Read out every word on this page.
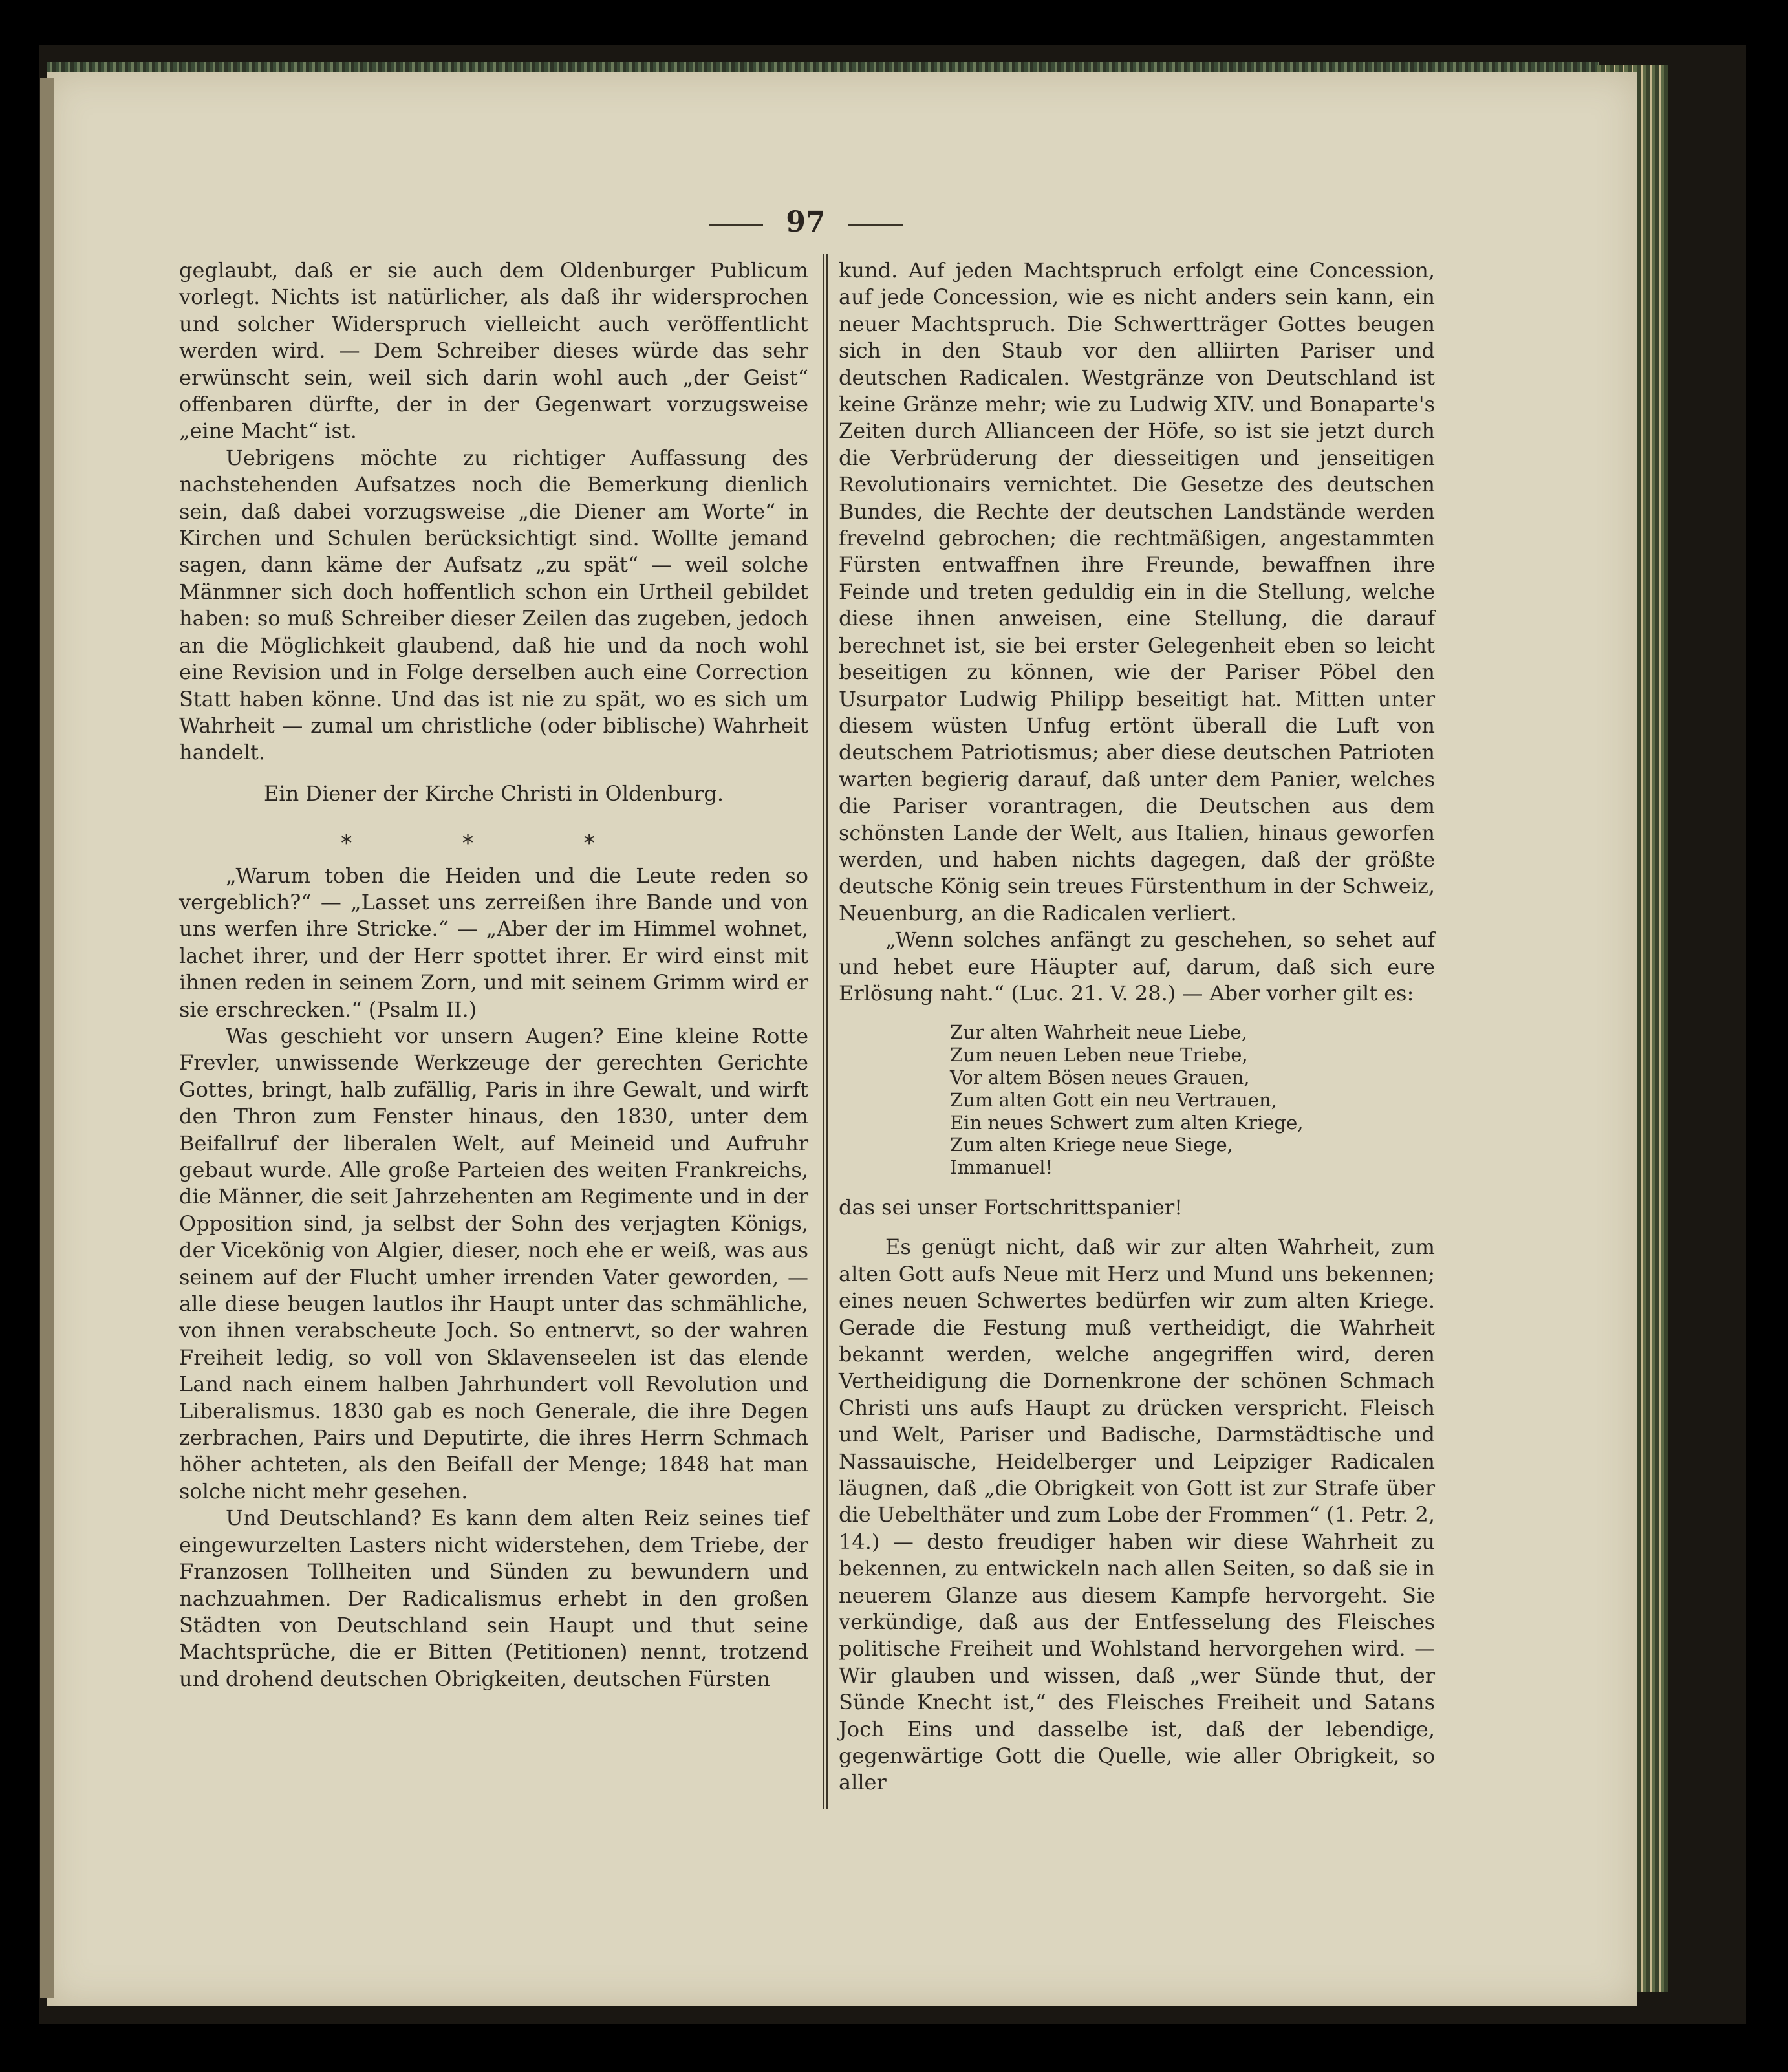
97

geglaubt, daß er sie auch dem Oldenburger Publicum vorlegt. Nichts ist natürlicher, als daß ihr widersprochen und solcher Widerspruch vielleicht auch veröffentlicht werden wird. — Dem Schreiber dieses würde das sehr erwünscht sein, weil sich darin wohl auch „der Geist“ offenbaren dürfte, der in der Gegenwart vorzugsweise „eine Macht“ ist.

Uebrigens möchte zu richtiger Auffassung des nachstehenden Aufsatzes noch die Bemerkung dienlich sein, daß dabei vorzugsweise „die Diener am Worte“ in Kirchen und Schulen berücksichtigt sind. Wollte jemand sagen, dann käme der Aufsatz „zu spät“ — weil solche Mänmner sich doch hoffentlich schon ein Urtheil gebildet haben: so muß Schreiber dieser Zeilen das zugeben, jedoch an die Möglichkeit glaubend, daß hie und da noch wohl eine Revision und in Folge derselben auch eine Correction Statt haben könne. Und das ist nie zu spät, wo es sich um Wahrheit — zumal um christliche (oder biblische) Wahrheit handelt.

Ein Diener der Kirche Christi in Oldenburg.

* * *

„Warum toben die Heiden und die Leute reden so vergeblich?“ — „Lasset uns zerreißen ihre Bande und von uns werfen ihre Stricke.“ — „Aber der im Himmel wohnet, lachet ihrer, und der Herr spottet ihrer. Er wird einst mit ihnen reden in seinem Zorn, und mit seinem Grimm wird er sie erschrecken.“ (Psalm II.)

Was geschieht vor unsern Augen? Eine kleine Rotte Frevler, unwissende Werkzeuge der gerechten Gerichte Gottes, bringt, halb zufällig, Paris in ihre Gewalt, und wirft den Thron zum Fenster hinaus, den 1830, unter dem Beifallruf der liberalen Welt, auf Meineid und Aufruhr gebaut wurde. Alle große Parteien des weiten Frankreichs, die Männer, die seit Jahrzehenten am Regimente und in der Opposition sind, ja selbst der Sohn des verjagten Königs, der Vicekönig von Algier, dieser, noch ehe er weiß, was aus seinem auf der Flucht umher irrenden Vater geworden, — alle diese beugen lautlos ihr Haupt unter das schmähliche, von ihnen verabscheute Joch. So entnervt, so der wahren Freiheit ledig, so voll von Sklavenseelen ist das elende Land nach einem halben Jahrhundert voll Revolution und Liberalismus. 1830 gab es noch Generale, die ihre Degen zerbrachen, Pairs und Deputirte, die ihres Herrn Schmach höher achteten, als den Beifall der Menge; 1848 hat man solche nicht mehr gesehen.

Und Deutschland? Es kann dem alten Reiz seines tief eingewurzelten Lasters nicht widerstehen, dem Triebe, der Franzosen Tollheiten und Sünden zu bewundern und nachzuahmen. Der Radicalismus erhebt in den großen Städten von Deutschland sein Haupt und thut seine Machtsprüche, die er Bitten (Petitionen) nennt, trotzend und drohend deutschen Obrigkeiten, deutschen Fürsten

kund. Auf jeden Machtspruch erfolgt eine Concession, auf jede Concession, wie es nicht anders sein kann, ein neuer Machtspruch. Die Schwertträger Gottes beugen sich in den Staub vor den alliirten Pariser und deutschen Radicalen. Westgränze von Deutschland ist keine Gränze mehr; wie zu Ludwig XIV. und Bonaparte's Zeiten durch Allianceen der Höfe, so ist sie jetzt durch die Verbrüderung der diesseitigen und jenseitigen Revolutionairs vernichtet. Die Gesetze des deutschen Bundes, die Rechte der deutschen Landstände werden frevelnd gebrochen; die rechtmäßigen, angestammten Fürsten entwaffnen ihre Freunde, bewaffnen ihre Feinde und treten geduldig ein in die Stellung, welche diese ihnen anweisen, eine Stellung, die darauf berechnet ist, sie bei erster Gelegenheit eben so leicht beseitigen zu können, wie der Pariser Pöbel den Usurpator Ludwig Philipp beseitigt hat. Mitten unter diesem wüsten Unfug ertönt überall die Luft von deutschem Patriotismus; aber diese deutschen Patrioten warten begierig darauf, daß unter dem Panier, welches die Pariser vorantragen, die Deutschen aus dem schönsten Lande der Welt, aus Italien, hinaus geworfen werden, und haben nichts dagegen, daß der größte deutsche König sein treues Fürstenthum in der Schweiz, Neuenburg, an die Radicalen verliert.

„Wenn solches anfängt zu geschehen, so sehet auf und hebet eure Häupter auf, darum, daß sich eure Erlösung naht.“ (Luc. 21. V. 28.) — Aber vorher gilt es:

Zur alten Wahrheit neue Liebe,
Zum neuen Leben neue Triebe,
Vor altem Bösen neues Grauen,
Zum alten Gott ein neu Vertrauen,
Ein neues Schwert zum alten Kriege,
Zum alten Kriege neue Siege,
Immanuel!

das sei unser Fortschrittspanier!

Es genügt nicht, daß wir zur alten Wahrheit, zum alten Gott aufs Neue mit Herz und Mund uns bekennen; eines neuen Schwertes bedürfen wir zum alten Kriege. Gerade die Festung muß vertheidigt, die Wahrheit bekannt werden, welche angegriffen wird, deren Vertheidigung die Dornenkrone der schönen Schmach Christi uns aufs Haupt zu drücken verspricht. Fleisch und Welt, Pariser und Badische, Darmstädtische und Nassauische, Heidelberger und Leipziger Radicalen läugnen, daß „die Obrigkeit von Gott ist zur Strafe über die Uebelthäter und zum Lobe der Frommen“ (1. Petr. 2, 14.) — desto freudiger haben wir diese Wahrheit zu bekennen, zu entwickeln nach allen Seiten, so daß sie in neuerem Glanze aus diesem Kampfe hervorgeht. Sie verkündige, daß aus der Entfesselung des Fleisches politische Freiheit und Wohlstand hervorgehen wird. — Wir glauben und wissen, daß „wer Sünde thut, der Sünde Knecht ist,“ des Fleisches Freiheit und Satans Joch Eins und dasselbe ist, daß der lebendige, gegenwärtige Gott die Quelle, wie aller Obrigkeit, so aller
